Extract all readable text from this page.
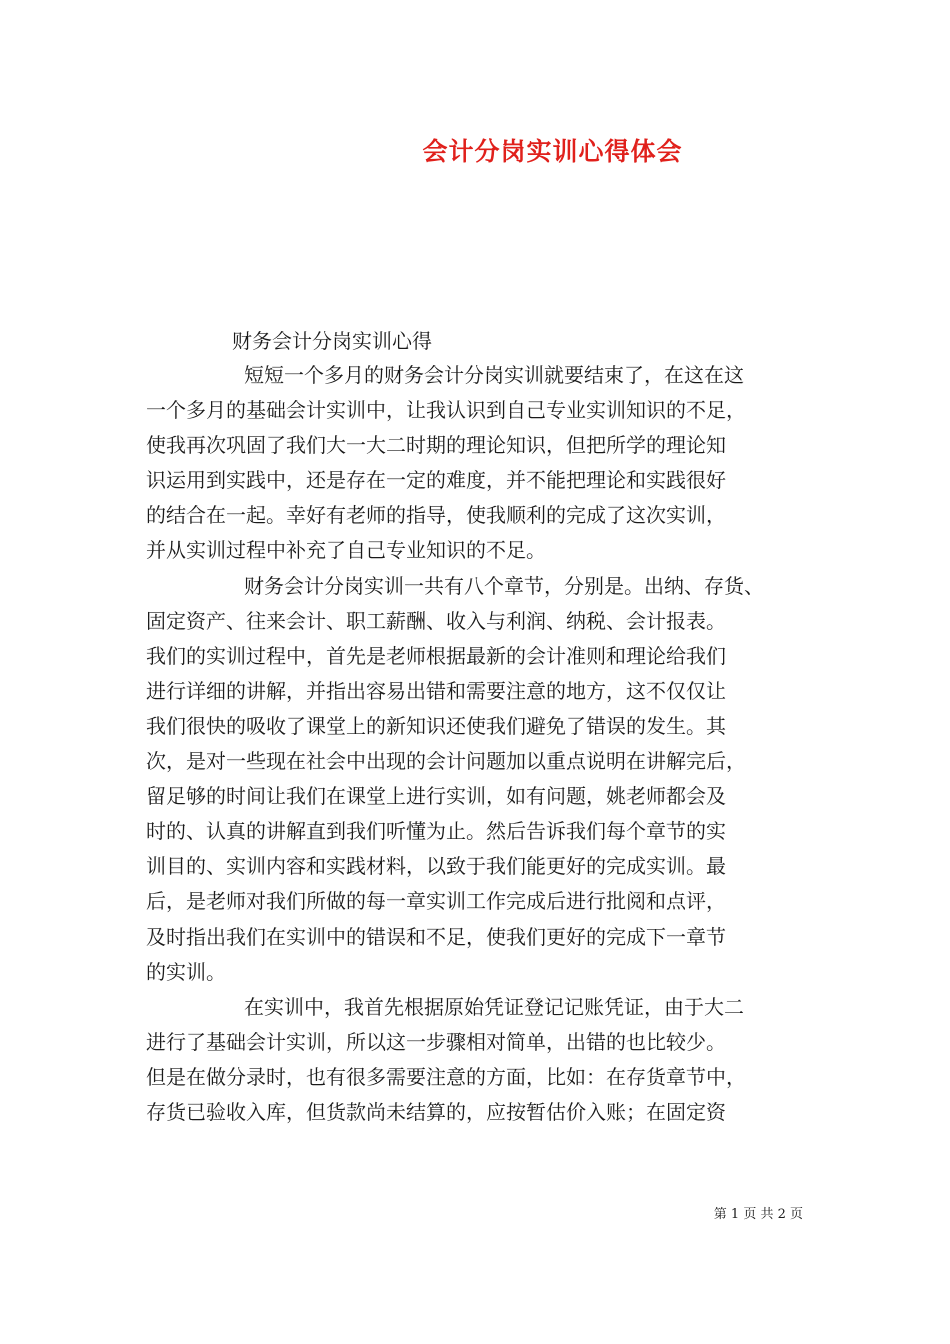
会计分岗实训心得体会
财务会计分岗实训心得
短短一个多月的财务会计分岗实训就要结束了，在这在这
一个多月的基础会计实训中，让我认识到自己专业实训知识的不足，
使我再次巩固了我们大一大二时期的理论知识，但把所学的理论知
识运用到实践中，还是存在一定的难度，并不能把理论和实践很好
的结合在一起。幸好有老师的指导，使我顺利的完成了这次实训，
并从实训过程中补充了自己专业知识的不足。
财务会计分岗实训一共有八个章节，分别是。出纳、存货、
固定资产、往来会计、职工薪酬、收入与利润、纳税、会计报表。
我们的实训过程中，首先是老师根据最新的会计准则和理论给我们
进行详细的讲解，并指出容易出错和需要注意的地方，这不仅仅让
我们很快的吸收了课堂上的新知识还使我们避免了错误的发生。其
次，是对一些现在社会中出现的会计问题加以重点说明在讲解完后，
留足够的时间让我们在课堂上进行实训，如有问题，姚老师都会及
时的、认真的讲解直到我们听懂为止。然后告诉我们每个章节的实
训目的、实训内容和实践材料，以致于我们能更好的完成实训。最
后，是老师对我们所做的每一章实训工作完成后进行批阅和点评，
及时指出我们在实训中的错误和不足，使我们更好的完成下一章节
的实训。
在实训中，我首先根据原始凭证登记记账凭证，由于大二
进行了基础会计实训，所以这一步骤相对简单，出错的也比较少。
但是在做分录时，也有很多需要注意的方面，比如：在存货章节中，
存货已验收入库，但货款尚未结算的，应按暂估价入账；在固定资
第 1 页 共 2 页
